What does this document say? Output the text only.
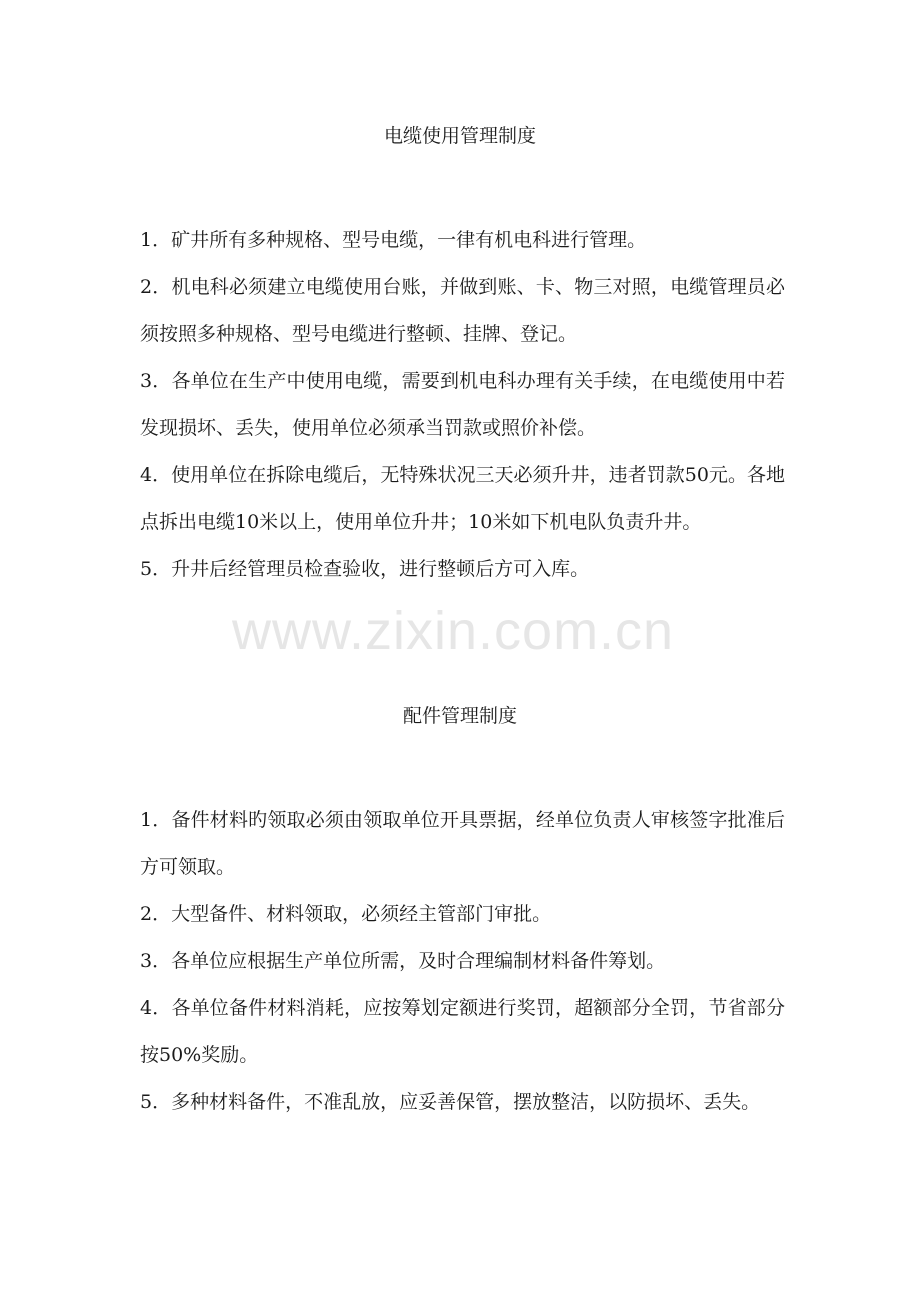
www.zixin.com.cn
电缆使用管理制度
1．矿井所有多种规格、型号电缆，一律有机电科进行管理。
2．机电科必须建立电缆使用台账，并做到账、卡、物三对照，电缆管理员必须按照多种规格、型号电缆进行整顿、挂牌、登记。
3．各单位在生产中使用电缆，需要到机电科办理有关手续，在电缆使用中若发现损坏、丢失，使用单位必须承当罚款或照价补偿。
4．使用单位在拆除电缆后，无特殊状况三天必须升井，违者罚款50元。各地点拆出电缆10米以上，使用单位升井；10米如下机电队负责升井。
5．升井后经管理员检查验收，进行整顿后方可入库。
配件管理制度
1．备件材料旳领取必须由领取单位开具票据，经单位负责人审核签字批准后方可领取。
2．大型备件、材料领取，必须经主管部门审批。
3．各单位应根据生产单位所需，及时合理编制材料备件筹划。
4．各单位备件材料消耗，应按筹划定额进行奖罚，超额部分全罚，节省部分按50%奖励。
5．多种材料备件，不准乱放，应妥善保管，摆放整洁，以防损坏、丢失。
